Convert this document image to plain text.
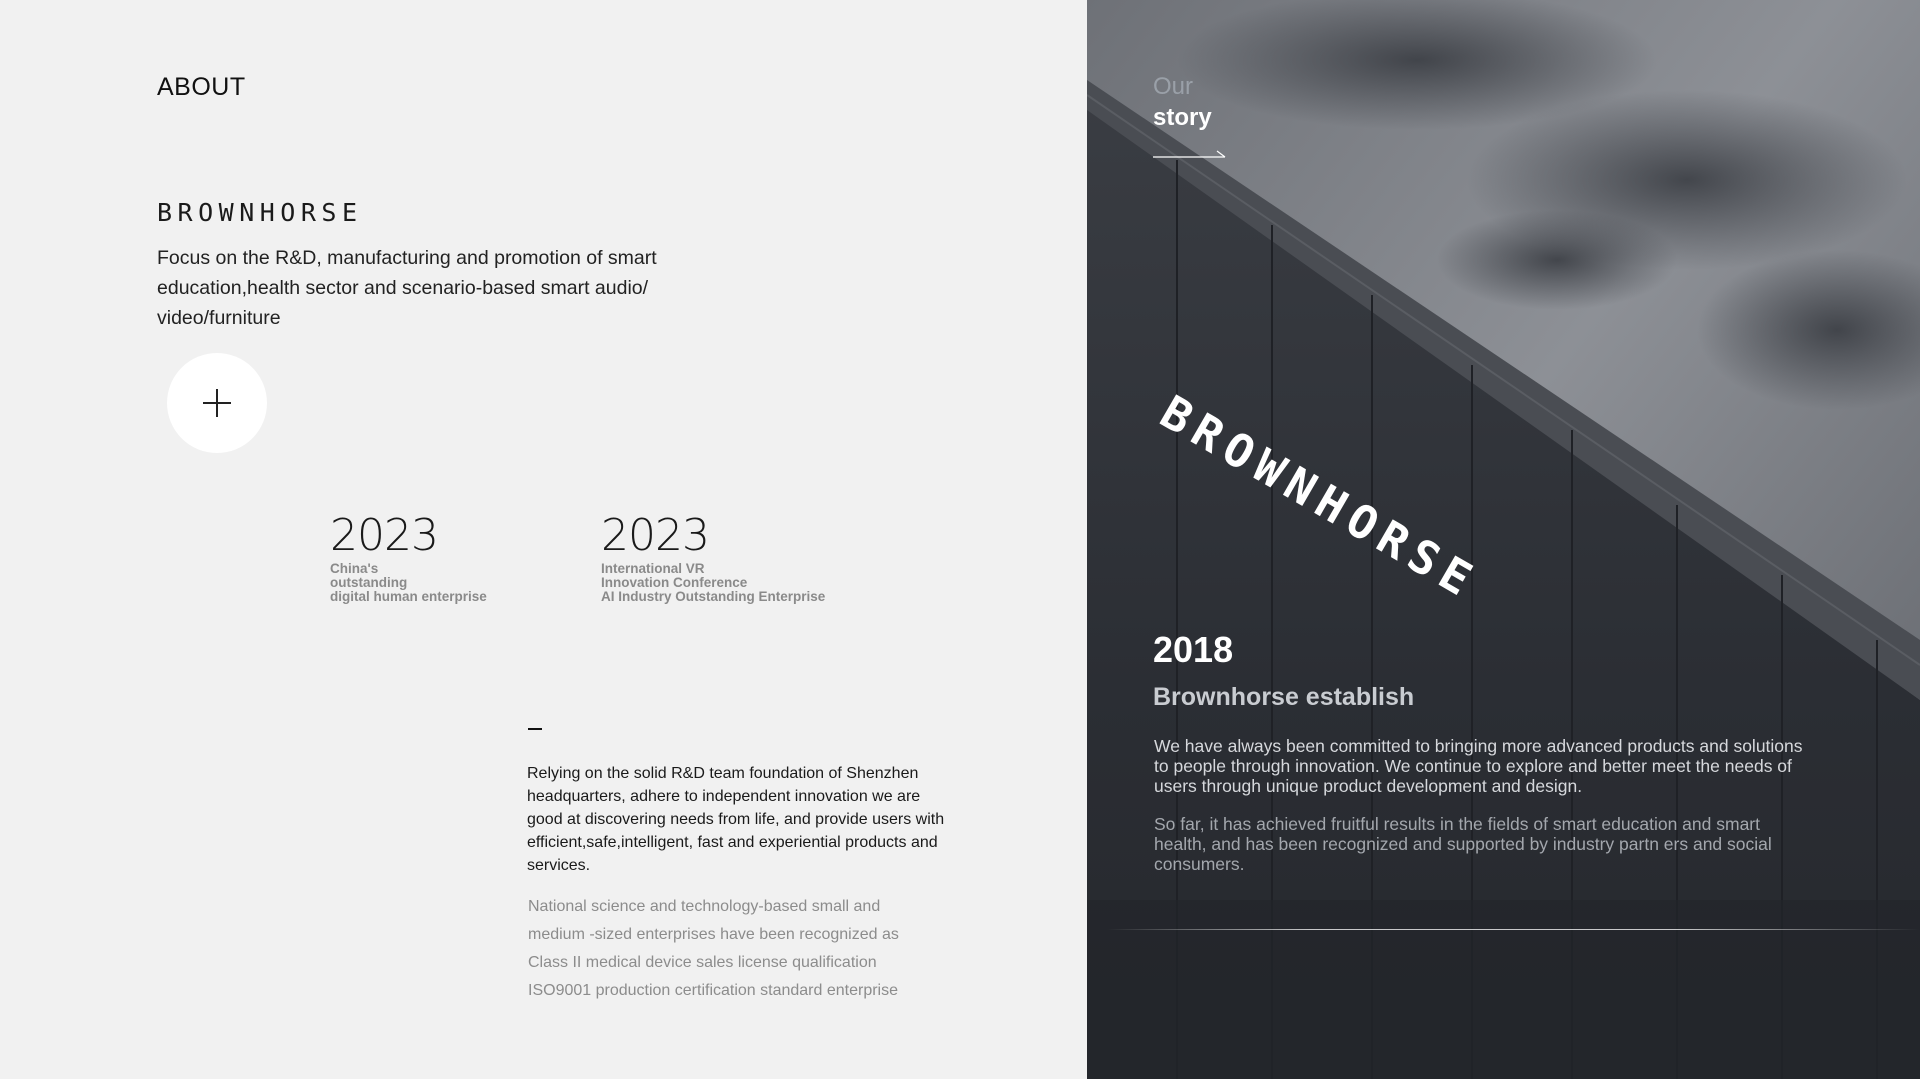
ABOUT
BROWNHORSE
Focus on the R&D, manufacturing and promotion of smart education,health sector and scenario-based smart audio/ video/furniture
2023
China's
outstanding
digital human enterprise
2023
International VR
Innovation Conference
AI Industry Outstanding Enterprise
Relying on the solid R&D team foundation of Shenzhen headquarters, adhere to independent innovation we are good at discovering needs from life, and provide users with efficient,safe,intelligent, fast and experiential products and services.
National science and technology-based small and
medium -sized enterprises have been recognized as
Class II medical device sales license qualification
ISO9001 production certification standard enterprise
Our
story
BROWNHORSE
2018
Brownhorse establish
We have always been committed to bringing more advanced products and solutions to people through innovation. We continue to explore and better meet the needs of users through unique product development and design.
So far, it has achieved fruitful results in the fields of smart education and smart health, and has been recognized and supported by industry partn ers and social consumers.
